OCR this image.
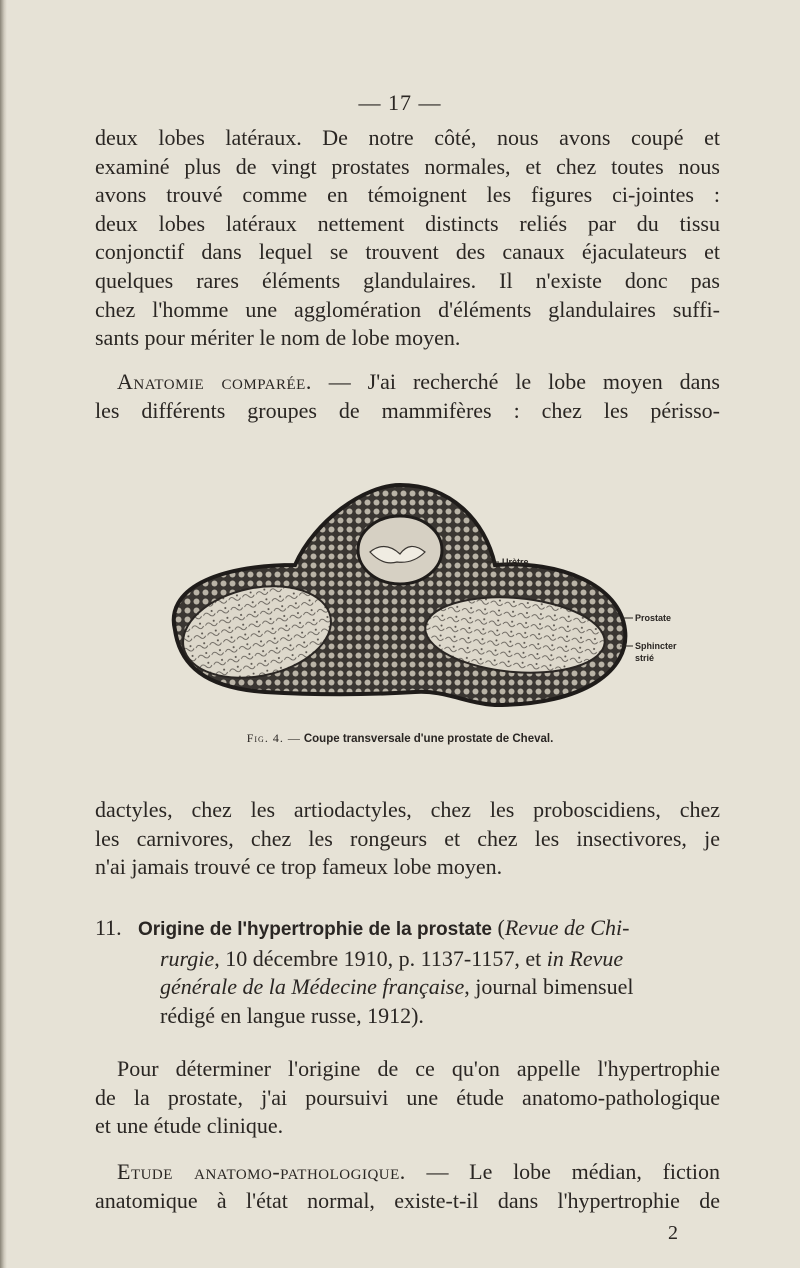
— 17 —
deux lobes latéraux. De notre côté, nous avons coupé et
examiné plus de vingt prostates normales, et chez toutes nous
avons trouvé comme en témoignent les figures ci-jointes :
deux lobes latéraux nettement distincts reliés par du tissu
conjonctif dans lequel se trouvent des canaux éjaculateurs et
quelques rares éléments glandulaires. Il n'existe donc pas
chez l'homme une agglomération d'éléments glandulaires suffi-
sants pour mériter le nom de lobe moyen.
Anatomie comparée. — J'ai recherché le lobe moyen dans
les différents groupes de mammifères : chez les périsso-
Urètre
Prostate
Sphincter
strié
Fig. 4. — Coupe transversale d'une prostate de Cheval.
dactyles, chez les artiodactyles, chez les proboscidiens, chez
les carnivores, chez les rongeurs et chez les insectivores, je
n'ai jamais trouvé ce trop fameux lobe moyen.
11. Origine de l'hypertrophie de la prostate (Revue de Chi-
rurgie, 10 décembre 1910, p. 1137-1157, et in Revue
générale de la Médecine française, journal bimensuel
rédigé en langue russe, 1912).
Pour déterminer l'origine de ce qu'on appelle l'hypertrophie
de la prostate, j'ai poursuivi une étude anatomo-pathologique
et une étude clinique.
Etude anatomo-pathologique. — Le lobe médian, fiction
anatomique à l'état normal, existe-t-il dans l'hypertrophie de
2
